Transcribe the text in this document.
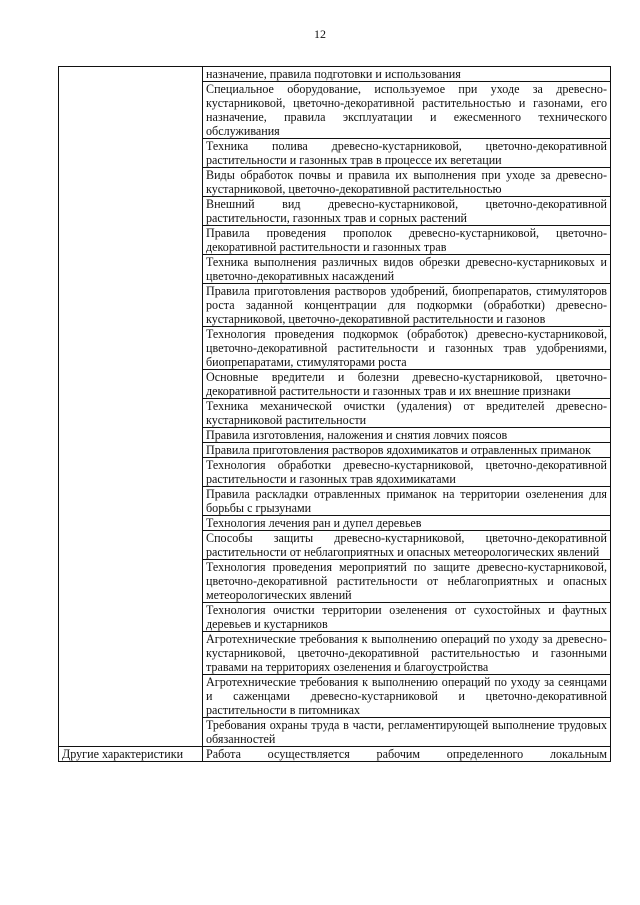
12
	назначение, правила подготовки и использования
	Специальное оборудование, используемое при уходе за древесно-кустарниковой, цветочно-декоративной растительностью и газонами, его назначение, правила эксплуатации и ежесменного технического обслуживания
	Техника полива древесно-кустарниковой, цветочно-декоративной растительности и газонных трав в процессе их вегетации
	Виды обработок почвы и правила их выполнения при уходе за древесно-кустарниковой, цветочно-декоративной растительностью
	Внешний вид древесно-кустарниковой, цветочно-декоративной растительности, газонных трав и сорных растений
	Правила проведения прополок древесно-кустарниковой, цветочно-декоративной растительности и газонных трав
	Техника выполнения различных видов обрезки древесно-кустарниковых и цветочно-декоративных насаждений
	Правила приготовления растворов удобрений, биопрепаратов, стимуляторов роста заданной концентрации для подкормки (обработки) древесно-кустарниковой, цветочно-декоративной растительности и газонов
	Технология проведения подкормок (обработок) древесно-кустарниковой, цветочно-декоративной растительности и газонных трав удобрениями, биопрепаратами, стимуляторами роста
	Основные вредители и болезни древесно-кустарниковой, цветочно-декоративной растительности и газонных трав и их внешние признаки
	Техника механической очистки (удаления) от вредителей древесно-кустарниковой растительности
	Правила изготовления, наложения и снятия ловчих поясов
	Правила приготовления растворов ядохимикатов и отравленных приманок
	Технология обработки древесно-кустарниковой, цветочно-декоративной растительности и газонных трав ядохимикатами
	Правила раскладки отравленных приманок на территории озеленения для борьбы с грызунами
	Технология лечения ран и дупел деревьев
	Способы защиты древесно-кустарниковой, цветочно-декоративной растительности от неблагоприятных и опасных метеорологических явлений
	Технология проведения мероприятий по защите древесно-кустарниковой, цветочно-декоративной растительности от неблагоприятных и опасных метеорологических явлений
	Технология очистки территории озеленения от сухостойных и фаутных деревьев и кустарников
	Агротехнические требования к выполнению операций по уходу за древесно-кустарниковой, цветочно-декоративной растительностью и газонными травами на территориях озеленения и благоустройства
	Агротехнические требования к выполнению операций по уходу за сеянцами и саженцами древесно-кустарниковой и цветочно-декоративной растительности в питомниках
	Требования охраны труда в части, регламентирующей выполнение трудовых обязанностей
Другие характеристики	Работа осуществляется рабочим определенного локальным
